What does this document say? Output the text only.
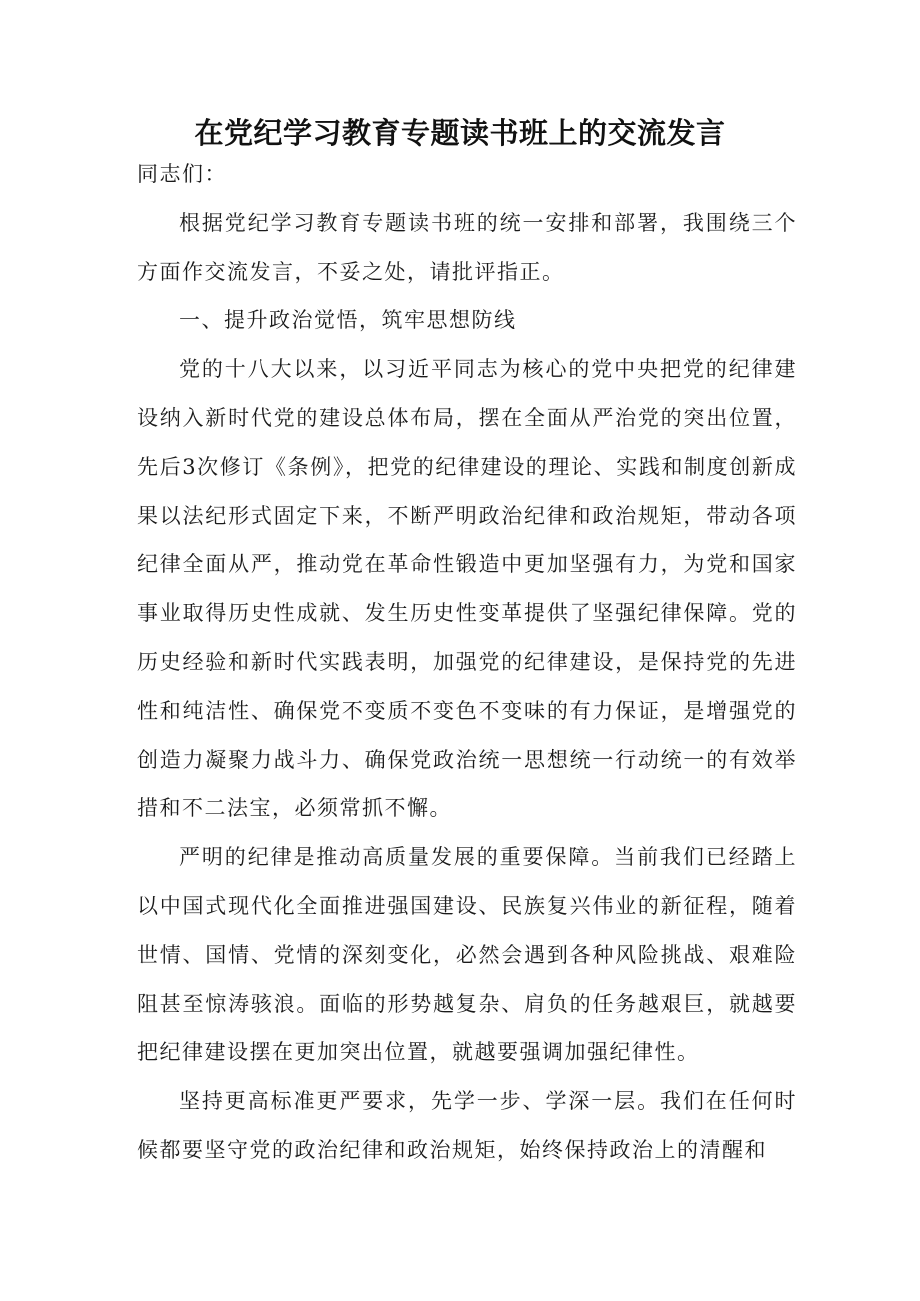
在党纪学习教育专题读书班上的交流发言

同志们：

根据党纪学习教育专题读书班的统一安排和部署，我围绕三个方面作交流发言，不妥之处，请批评指正。

一、提升政治觉悟，筑牢思想防线

党的十八大以来，以习近平同志为核心的党中央把党的纪律建设纳入新时代党的建设总体布局，摆在全面从严治党的突出位置，先后3次修订《条例》，把党的纪律建设的理论、实践和制度创新成果以法纪形式固定下来，不断严明政治纪律和政治规矩，带动各项纪律全面从严，推动党在革命性锻造中更加坚强有力，为党和国家事业取得历史性成就、发生历史性变革提供了坚强纪律保障。党的历史经验和新时代实践表明，加强党的纪律建设，是保持党的先进性和纯洁性、确保党不变质不变色不变味的有力保证，是增强党的创造力凝聚力战斗力、确保党政治统一思想统一行动统一的有效举措和不二法宝，必须常抓不懈。

严明的纪律是推动高质量发展的重要保障。当前我们已经踏上以中国式现代化全面推进强国建设、民族复兴伟业的新征程，随着世情、国情、党情的深刻变化，必然会遇到各种风险挑战、艰难险阻甚至惊涛骇浪。面临的形势越复杂、肩负的任务越艰巨，就越要把纪律建设摆在更加突出位置，就越要强调加强纪律性。

坚持更高标准更严要求，先学一步、学深一层。我们在任何时候都要坚守党的政治纪律和政治规矩，始终保持政治上的清醒和
